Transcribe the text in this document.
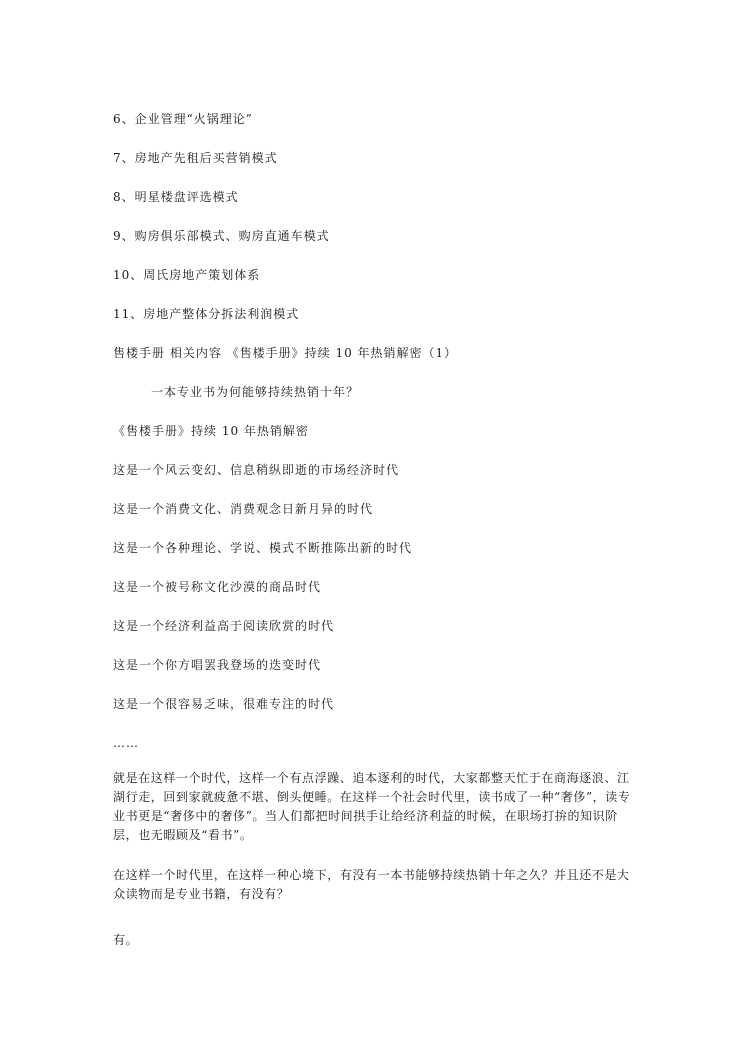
6、企业管理“火锅理论”
7、房地产先租后买营销模式
8、明星楼盘评选模式
9、购房俱乐部模式、购房直通车模式
10、周氏房地产策划体系
11、房地产整体分拆法利润模式
售楼手册 相关内容 《售楼手册》持续 10 年热销解密（1）
一本专业书为何能够持续热销十年？
《售楼手册》持续 10 年热销解密
这是一个风云变幻、信息稍纵即逝的市场经济时代
这是一个消费文化、消费观念日新月异的时代
这是一个各种理论、学说、模式不断推陈出新的时代
这是一个被号称文化沙漠的商品时代
这是一个经济利益高于阅读欣赏的时代
这是一个你方唱罢我登场的迭变时代
这是一个很容易乏味，很难专注的时代
……

就是在这样一个时代，这样一个有点浮躁、追本逐利的时代，大家都整天忙于在商海逐浪、江湖行走，回到家就疲惫不堪、倒头便睡。在这样一个社会时代里，读书成了一种“奢侈”，读专业书更是“奢侈中的奢侈”。当人们都把时间拱手让给经济利益的时候，在职场打拚的知识阶层，也无暇顾及“看书”。

在这样一个时代里，在这样一种心境下，有没有一本书能够持续热销十年之久？并且还不是大众读物而是专业书籍，有没有？

有。
